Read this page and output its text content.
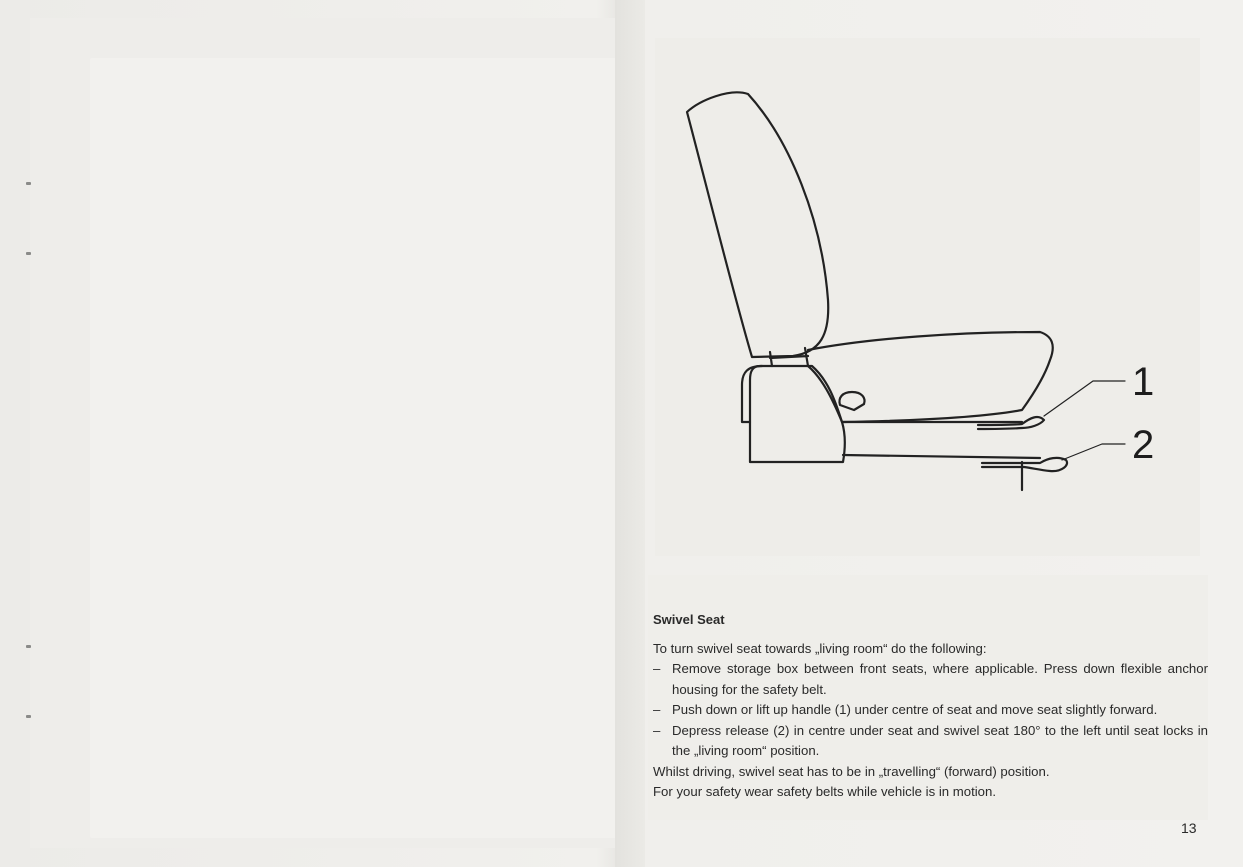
1
2
Swivel Seat

To turn swivel seat towards „living room“ do the following:

– Remove storage box between front seats, where applicable. Press down flexible anchor housing for the safety belt.
– Push down or lift up handle (1) under centre of seat and move seat slightly forward.
– Depress release (2) in centre under seat and swivel seat 180° to the left until seat locks in the „living room“ position.

Whilst driving, swivel seat has to be in „travelling“ (forward) position.

For your safety wear safety belts while vehicle is in motion.

13
